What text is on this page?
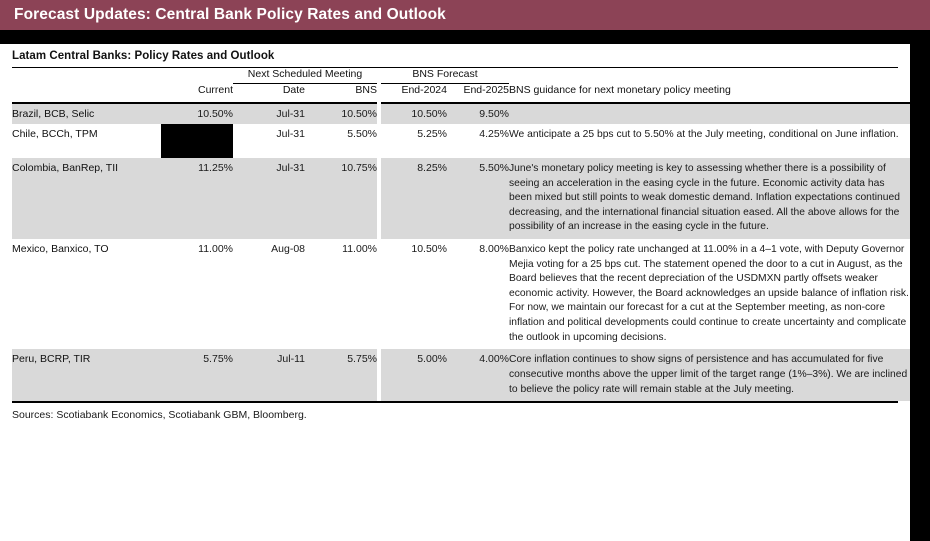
Forecast Updates: Central Bank Policy Rates and Outlook
Latam Central Banks: Policy Rates and Outlook
		Next Scheduled Meeting			BNS Forecast		
	Current	Date	BNS		End-2024	End-2025	BNS guidance for next monetary policy meeting

Brazil, BCB, Selic	10.50%	Jul-31	10.50%		10.50%	9.50%	
Chile, BCCh, TPM		Jul-31	5.50%		5.25%	4.25%	We anticipate a 25 bps cut to 5.50% at the July meeting, conditional on June inflation.
Colombia, BanRep, TII	11.25%	Jul-31	10.75%		8.25%	5.50%	June's monetary policy meeting is key to assessing whether there is a possibility of seeing an acceleration in the easing cycle in the future. Economic activity data has been mixed but still points to weak domestic demand. Inflation expectations continued decreasing, and the international financial situation eased. All the above allows for the possibility of an increase in the easing cycle in the future.
Mexico, Banxico, TO	11.00%	Aug-08	11.00%		10.50%	8.00%	Banxico kept the policy rate unchanged at 11.00% in a 4–1 vote, with Deputy Governor Mejia voting for a 25 bps cut. The statement opened the door to a cut in August, as the Board believes that the recent depreciation of the USDMXN partly offsets weaker economic activity. However, the Board acknowledges an upside balance of inflation risk. For now, we maintain our forecast for a cut at the September meeting, as non-core inflation and political developments could continue to create uncertainty and complicate the outlook in upcoming decisions.
Peru, BCRP, TIR	5.75%	Jul-11	5.75%		5.00%	4.00%	Core inflation continues to show signs of persistence and has accumulated for five consecutive months above the upper limit of the target range (1%–3%). We are inclined to believe the policy rate will remain stable at the July meeting.
Sources: Scotiabank Economics, Scotiabank GBM, Bloomberg.
